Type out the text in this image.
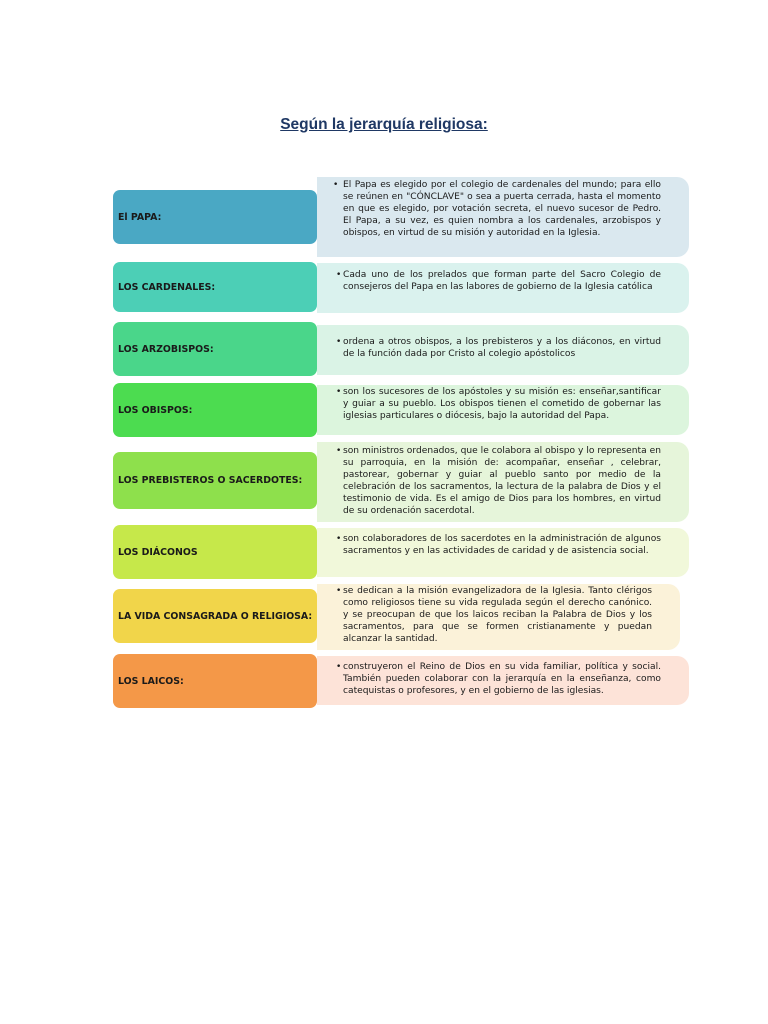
Según la jerarquía religiosa:
El PAPA:
• El Papa es elegido por el colegio de cardenales del mundo; para ello se reúnen en "CÓNCLAVE" o sea a puerta cerrada, hasta el momento en que es elegido, por votación secreta, el nuevo sucesor de Pedro. El Papa, a su vez, es quien nombra a los cardenales, arzobispos y obispos, en virtud de su misión y autoridad en la Iglesia.
LOS CARDENALES:
• Cada uno de los prelados que forman parte del Sacro Colegio de consejeros del Papa en las labores de gobierno de la Iglesia católica
LOS ARZOBISPOS:
• ordena a otros obispos, a los prebisteros y a los diáconos, en virtud de la función dada por Cristo al colegio apóstolicos
LOS OBISPOS:
• son los sucesores de los apóstoles y su misión es: enseñar,santificar y guiar a su pueblo. Los obispos tienen el cometido de gobernar las iglesias particulares o diócesis, bajo la autoridad del Papa.
LOS PREBISTEROS O SACERDOTES:
• son ministros ordenados, que le colabora al obispo y lo representa en su parroquia, en la misión de: acompañar, enseñar , celebrar, pastorear, gobernar y guiar al pueblo santo por medio de la celebración de los sacramentos, la lectura de la palabra de Dios y el testimonio de vida. Es el amigo de Dios para los hombres, en virtud de su ordenación sacerdotal.
LOS DIÁCONOS
• son colaboradores de los sacerdotes en la administración de algunos sacramentos y en las actividades de caridad y de asistencia social.
LA VIDA CONSAGRADA O RELIGIOSA:
• se dedican a la misión evangelizadora de la Iglesia. Tanto clérigos como religiosos tiene su vida regulada según el derecho canónico. y se preocupan de que los laicos reciban la Palabra de Dios y los sacramentos, para que se formen cristianamente y puedan alcanzar la santidad.
LOS LAICOS:
• construyeron el Reino de Dios en su vida familiar, política y social. También pueden colaborar con la jerarquía en la enseñanza, como catequistas o profesores, y en el gobierno de las iglesias.
